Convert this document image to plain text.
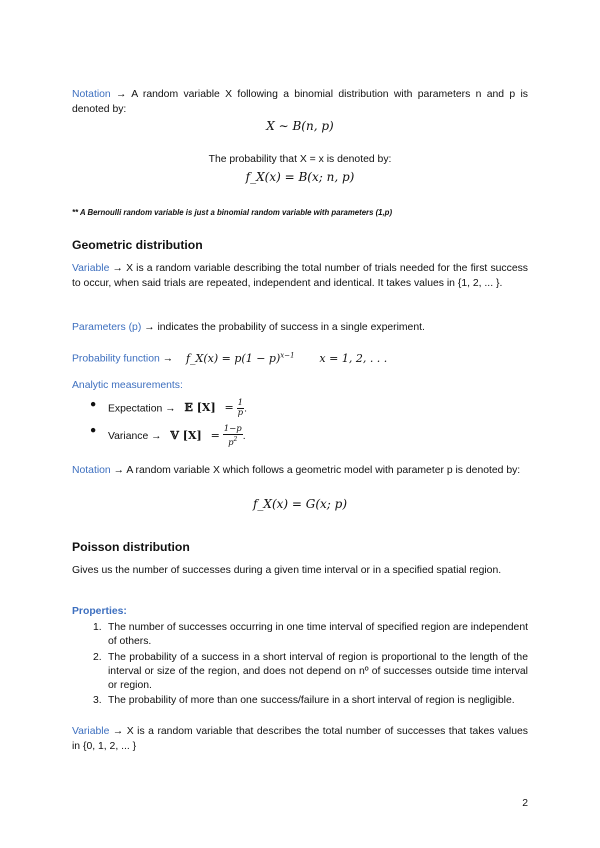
Notation → A random variable X following a binomial distribution with parameters n and p is denoted by:
X ∼ B(n, p)
The probability that X = x is denoted by:
f_X(x) = B(x; n, p)
** A Bernoulli random variable is just a binomial random variable with parameters (1,p)
Geometric distribution
Variable → X is a random variable describing the total number of trials needed for the first success to occur, when said trials are repeated, independent and identical. It takes values in {1, 2, ... }.
Parameters (p) → indicates the probability of success in a single experiment.
Probability function → f_X(x) = $p(1 - p)^{x-1}$ x = 1, 2, . . .
Analytic measurements:
● Expectation → 𝔼 $[X] = \frac{1}{p}$ .
●
Variance → 𝕍 $[X] = \frac{1-p}{p^2}$ .
Notation → A random variable X which follows a geometric model with parameter p is denoted by:
f_X(x) = G(x; p)
Poisson distribution
Gives us the number of successes during a given time interval or in a specified spatial region.
Properties:
1. The number of successes occurring in one time interval of specified region are independent of others.
2. The probability of a success in a short interval of region is proportional to the length of the interval or size of the region, and does not depend on nº of successes outside time interval or region.
3. The probability of more than one success/failure in a short interval of region is negligible.
Variable → X is a random variable that describes the total number of successes that takes values in {0, 1, 2, ... }
2
